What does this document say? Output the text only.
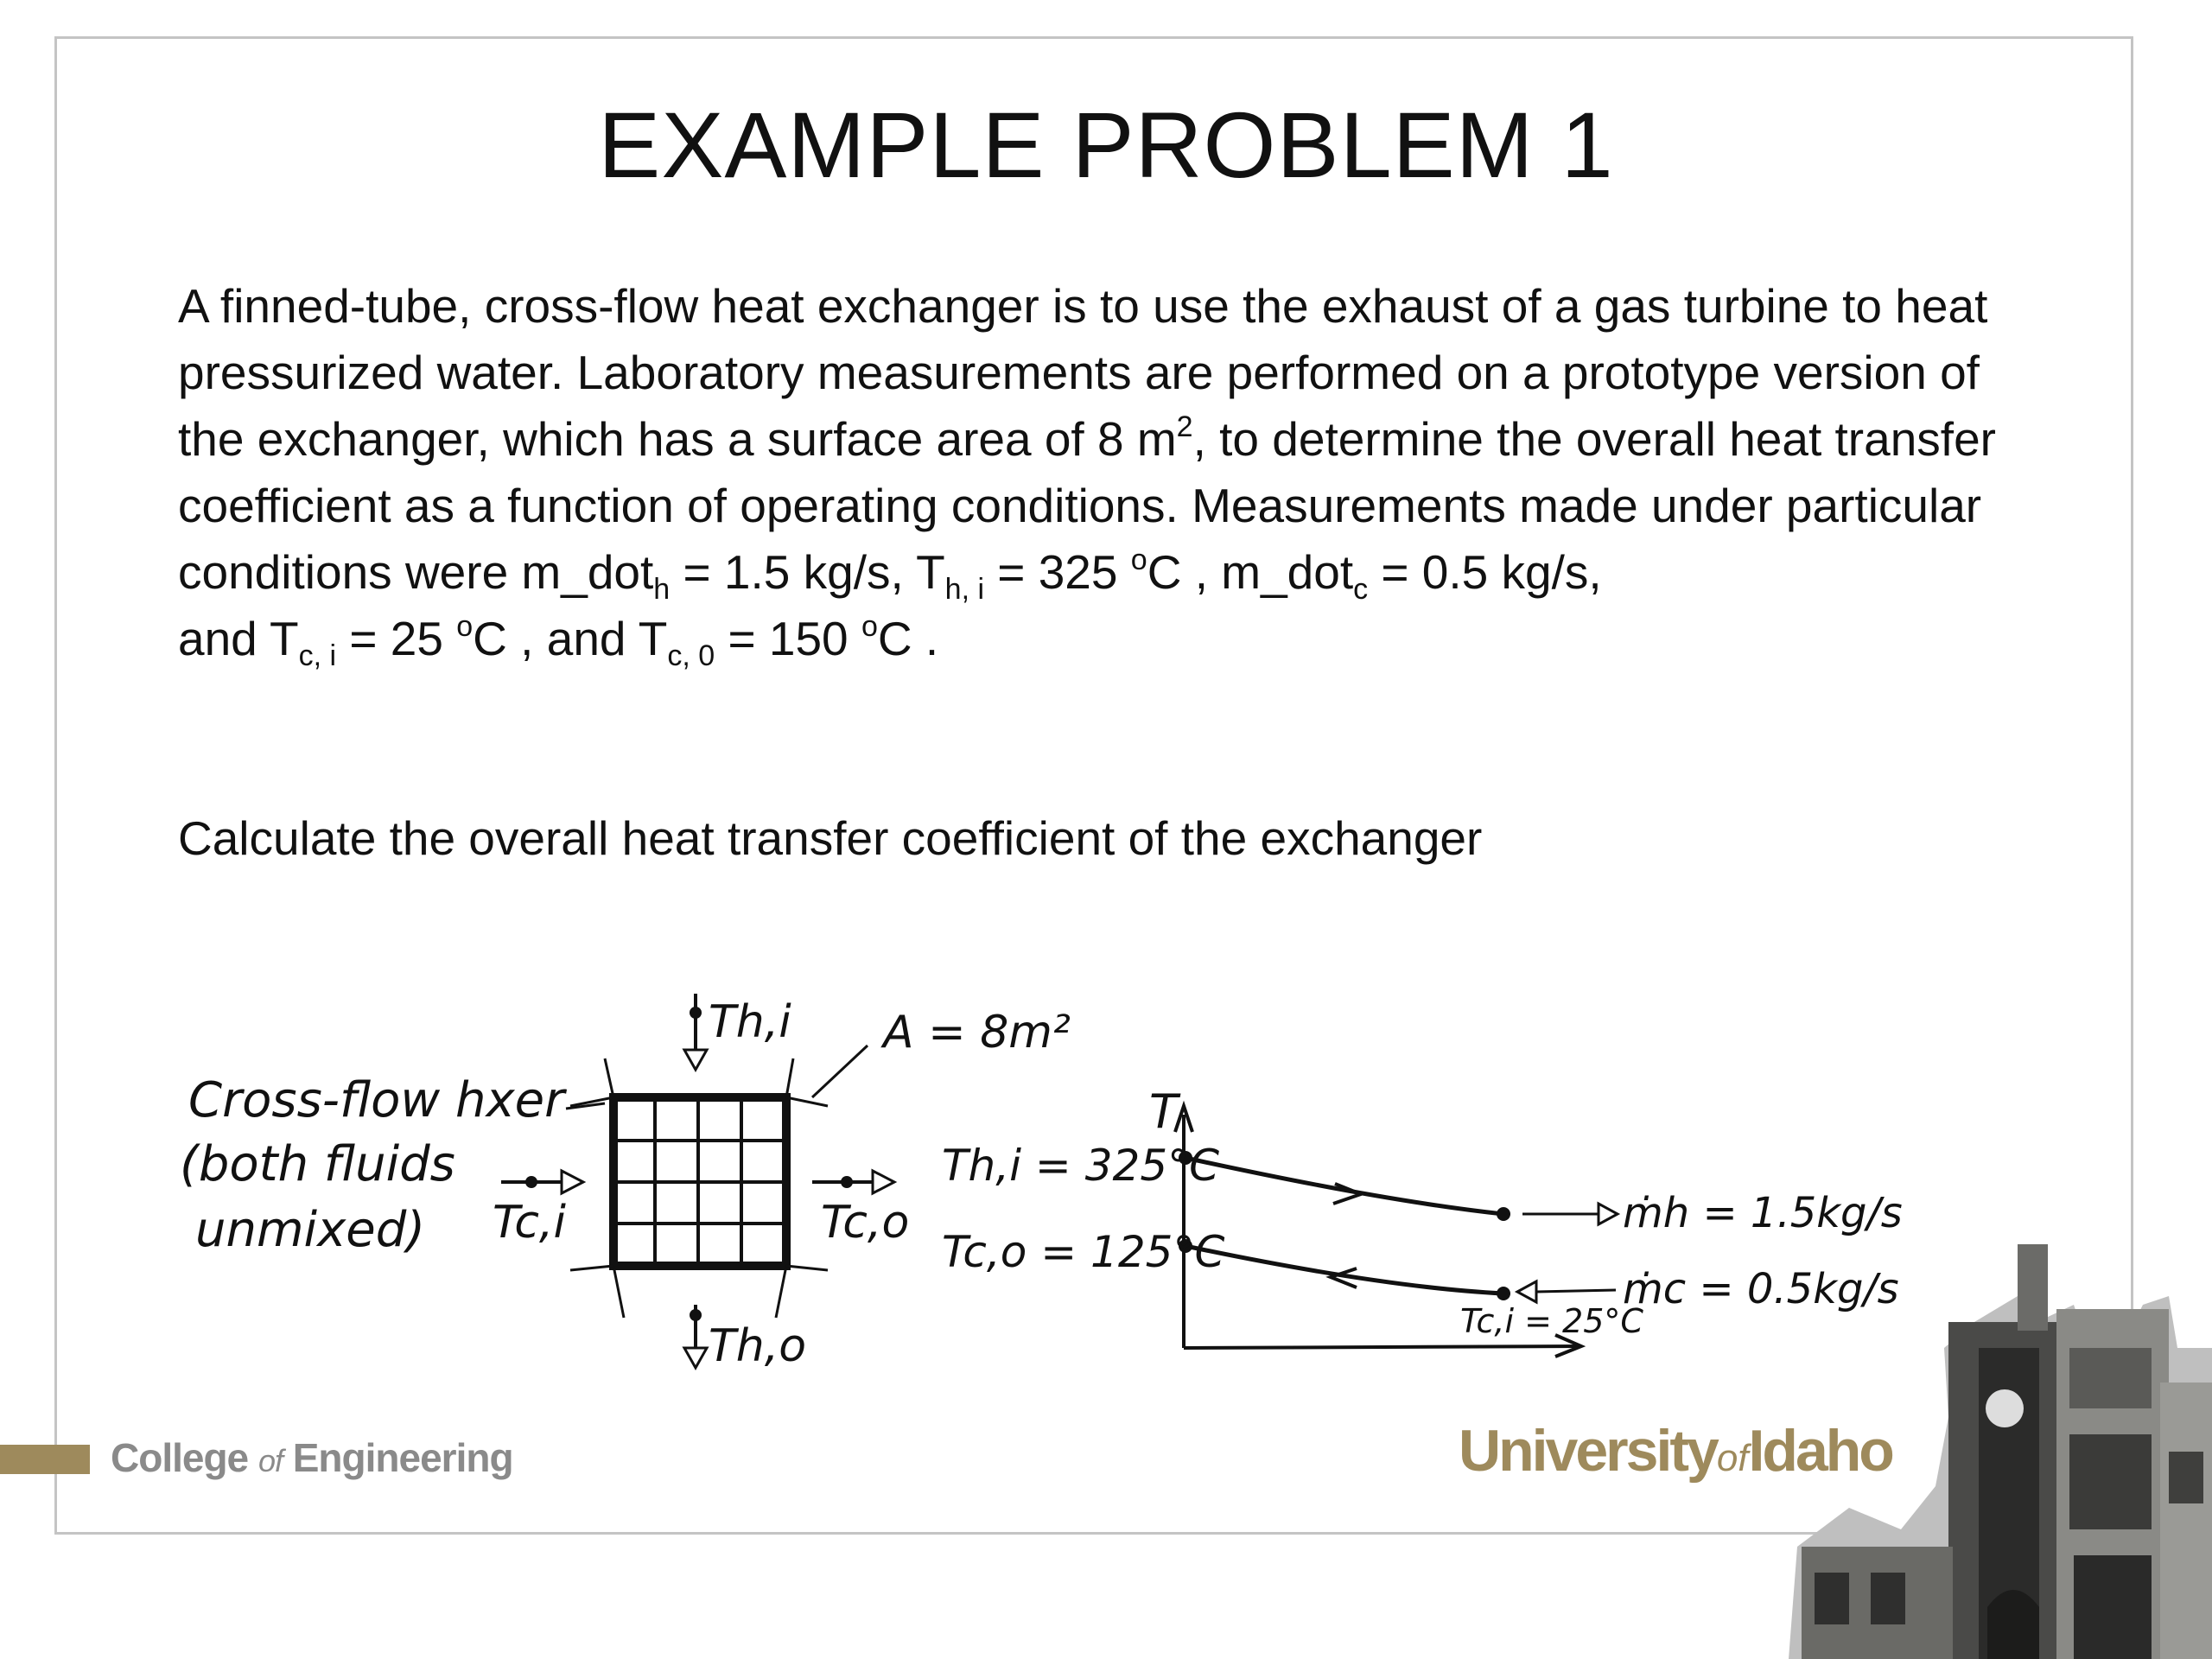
EXAMPLE PROBLEM 1

A finned-tube, cross-flow heat exchanger is to use the exhaust of a gas turbine to heat pressurized water. Laboratory measurements are performed on a prototype version of the exchanger, which has a surface area of 8 $m^2$, to determine the overall heat transfer coefficient as a function of operating conditions. Measurements made under particular conditions were m_dot$_h$ = 1.5 kg/s, $T_{h, i} = 325$ $^o$C , m_dot$_c$ = 0.5 kg/s,

and $T_{c, i} = 25$ $^o$C , and $T_{c, 0} = 150$ $^o$C .

Calculate the overall heat transfer coefficient of the exchanger
Cross-flow hxer
(both fluids
unmixed)
Th,i
Th,o
Tc,i	Tc,o
A = 8m²
T
Th,i = 325°C
Tc,o = 125°C
ṁh = 1.5kg/s
ṁc = 0.5kg/s
Tc,i = 25°C
College of Engineering	UniversityofIdaho
